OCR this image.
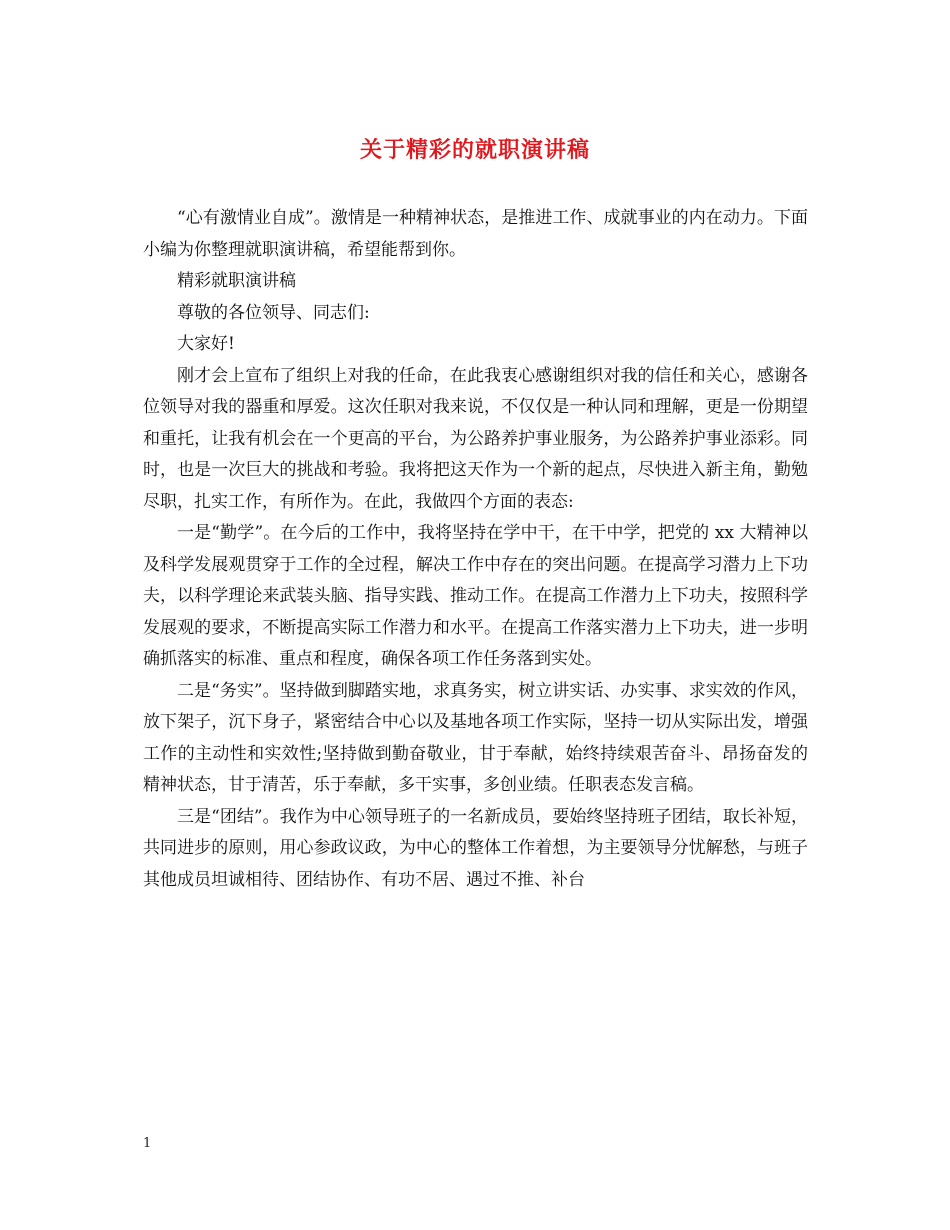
关于精彩的就职演讲稿

“心有激情业自成”。激情是一种精神状态，是推进工作、成就事业的内在动力。下面小编为你整理就职演讲稿，希望能帮到你。

精彩就职演讲稿

尊敬的各位领导、同志们:

大家好!

刚才会上宣布了组织上对我的任命，在此我衷心感谢组织对我的信任和关心，感谢各位领导对我的器重和厚爱。这次任职对我来说，不仅仅是一种认同和理解，更是一份期望和重托，让我有机会在一个更高的平台，为公路养护事业服务，为公路养护事业添彩。同时，也是一次巨大的挑战和考验。我将把这天作为一个新的起点，尽快进入新主角，勤勉尽职，扎实工作，有所作为。在此，我做四个方面的表态:

一是“勤学”。在今后的工作中，我将坚持在学中干，在干中学，把党的 xx 大精神以及科学发展观贯穿于工作的全过程，解决工作中存在的突出问题。在提高学习潜力上下功夫，以科学理论来武装头脑、指导实践、推动工作。在提高工作潜力上下功夫，按照科学发展观的要求，不断提高实际工作潜力和水平。在提高工作落实潜力上下功夫，进一步明确抓落实的标准、重点和程度，确保各项工作任务落到实处。

二是“务实”。坚持做到脚踏实地，求真务实，树立讲实话、办实事、求实效的作风，放下架子，沉下身子，紧密结合中心以及基地各项工作实际，坚持一切从实际出发，增强工作的主动性和实效性;坚持做到勤奋敬业，甘于奉献，始终持续艰苦奋斗、昂扬奋发的精神状态，甘于清苦，乐于奉献，多干实事，多创业绩。任职表态发言稿。

三是“团结”。我作为中心领导班子的一名新成员，要始终坚持班子团结，取长补短，共同进步的原则，用心参政议政，为中心的整体工作着想，为主要领导分忧解愁，与班子其他成员坦诚相待、团结协作、有功不居、遇过不推、补台

1
